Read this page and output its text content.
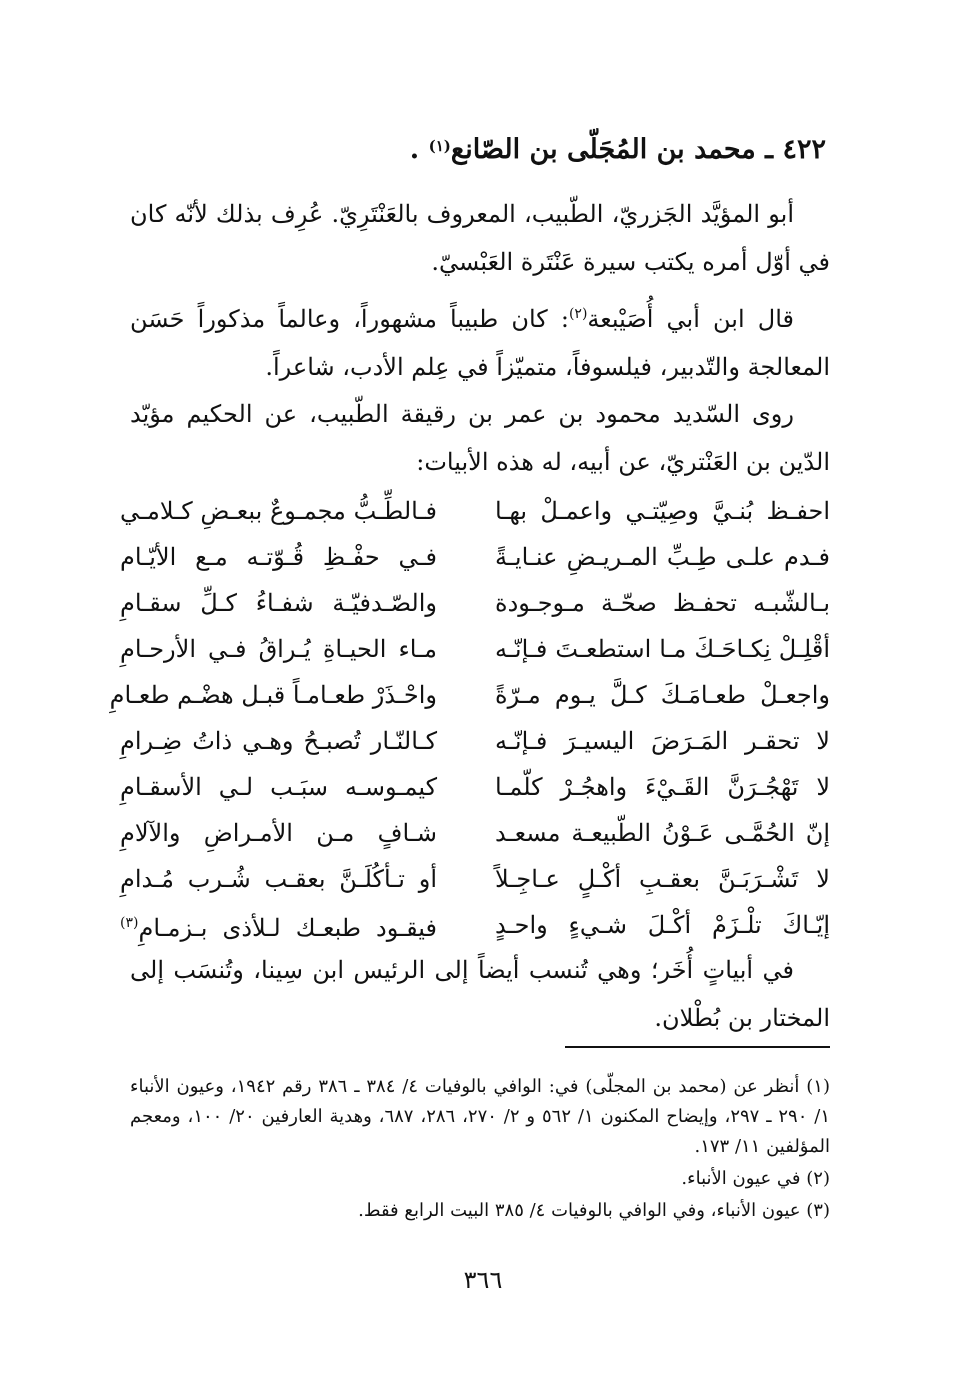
٤٢٢ ـ محمد بن المُجَلّى بن الصّانع$^{(١)}$ .

أبو المؤيَّد الجَزريّ، الطّبيب، المعروف بالعَنْتَرِيّ. عُرِف بذلك لأنّه كان في أوّل أمره يكتب سيرة عَنْتَرة العَبْسيّ.

قال ابن أبي أُصَيْبعة$^{(٢)}$: كان طبيباً مشهوراً، وعالماً مذكوراً حَسَن المعالجة والتّدبير، فيلسوفاً، متميّزاً في عِلم الأدب، شاعراً.

روى السّديد محمود بن عمر بن رقيقة الطّبيب، عن الحكيم مؤيّد الدّين بن العَنْتريّ، عن أبيه، له هذه الأبيات:

احفـظ بُنـيَّ وصِيّتـي واعمـلْ بهـا
فـالطِّـبُّ مجمـوعٌ ببعـضِ كـلامـي
فـدم علـى طِـبِّ المـريـضِ عنـايـةً
فـي حفْـظِ قُـوّتـه مـع الأيّـام
بـالشّبـه تحفـظ صحّـة مـوجـودة
والصّـدفيّـة شفـاءُ كـلِّ سقـامِ
أقْلِـلْ نِكـاحَـكَ مـا استطعـتَ فـإنّـه
مـاء الحيـاةِ يُـراقُ فـي الأرحـامِ
واجعـلْ طعـامَـكَ كـلَّ يـوم مـرّةً
واحْـذَرْ طعـامـاً قبـل هضْـم طعـامِ
لا تحقـر المَـرَضَ اليسيـرَ فـإنّـه
كـالنّـار تُصبـحُ وهـي ذاتُ ضِـرامِ
لا تَهْجُـرَنَّ القَـيْءَ واهجُـرْ كلّمـا
كيمـوسـه سبَـب لـي الأسقـامِ
إنّ الحُمَّـى عَـوْنُ الطّبيعـة مسعـد
شـافٍ مـن الأمـراضِ والآلامِ
لا تَشْـرَبَـنَّ بعقـبِ أكْـلٍ عـاجِـلاً
أو تـأكُلَـنَّ بعقـب شُـرب مُـدامِ
إيّـاكَ تلْـزَمْ أكْـلَ شـيءٍ واحـدٍ
فيقـود طبعـك لـلأذى بـزمـامِ$^{(٣)}$

في أبياتٍ أُخَر؛ وهي تُنسب أيضاً إلى الرئيس ابن سِينا، وتُنسَب إلى المختار بن بُطْلان.

(١) أنظر عن (محمد بن المجلّى) في: الوافي بالوفيات ٤/ ٣٨٤ ـ ٣٨٦ رقم ١٩٤٢، وعيون الأنباء ١/ ٢٩٠ ـ ٢٩٧، وإيضاح المكنون ١/ ٥٦٢ و ٢/ ٢٧٠، ٢٨٦، ٦٨٧، وهدية العارفين ٢٠/ ١٠٠، ومعجم المؤلفين ١١/ ١٧٣.
(٢) في عيون الأنباء.
(٣) عيون الأنباء، وفي الوافي بالوفيات ٤/ ٣٨٥ البيت الرابع فقط.
٣٦٦
